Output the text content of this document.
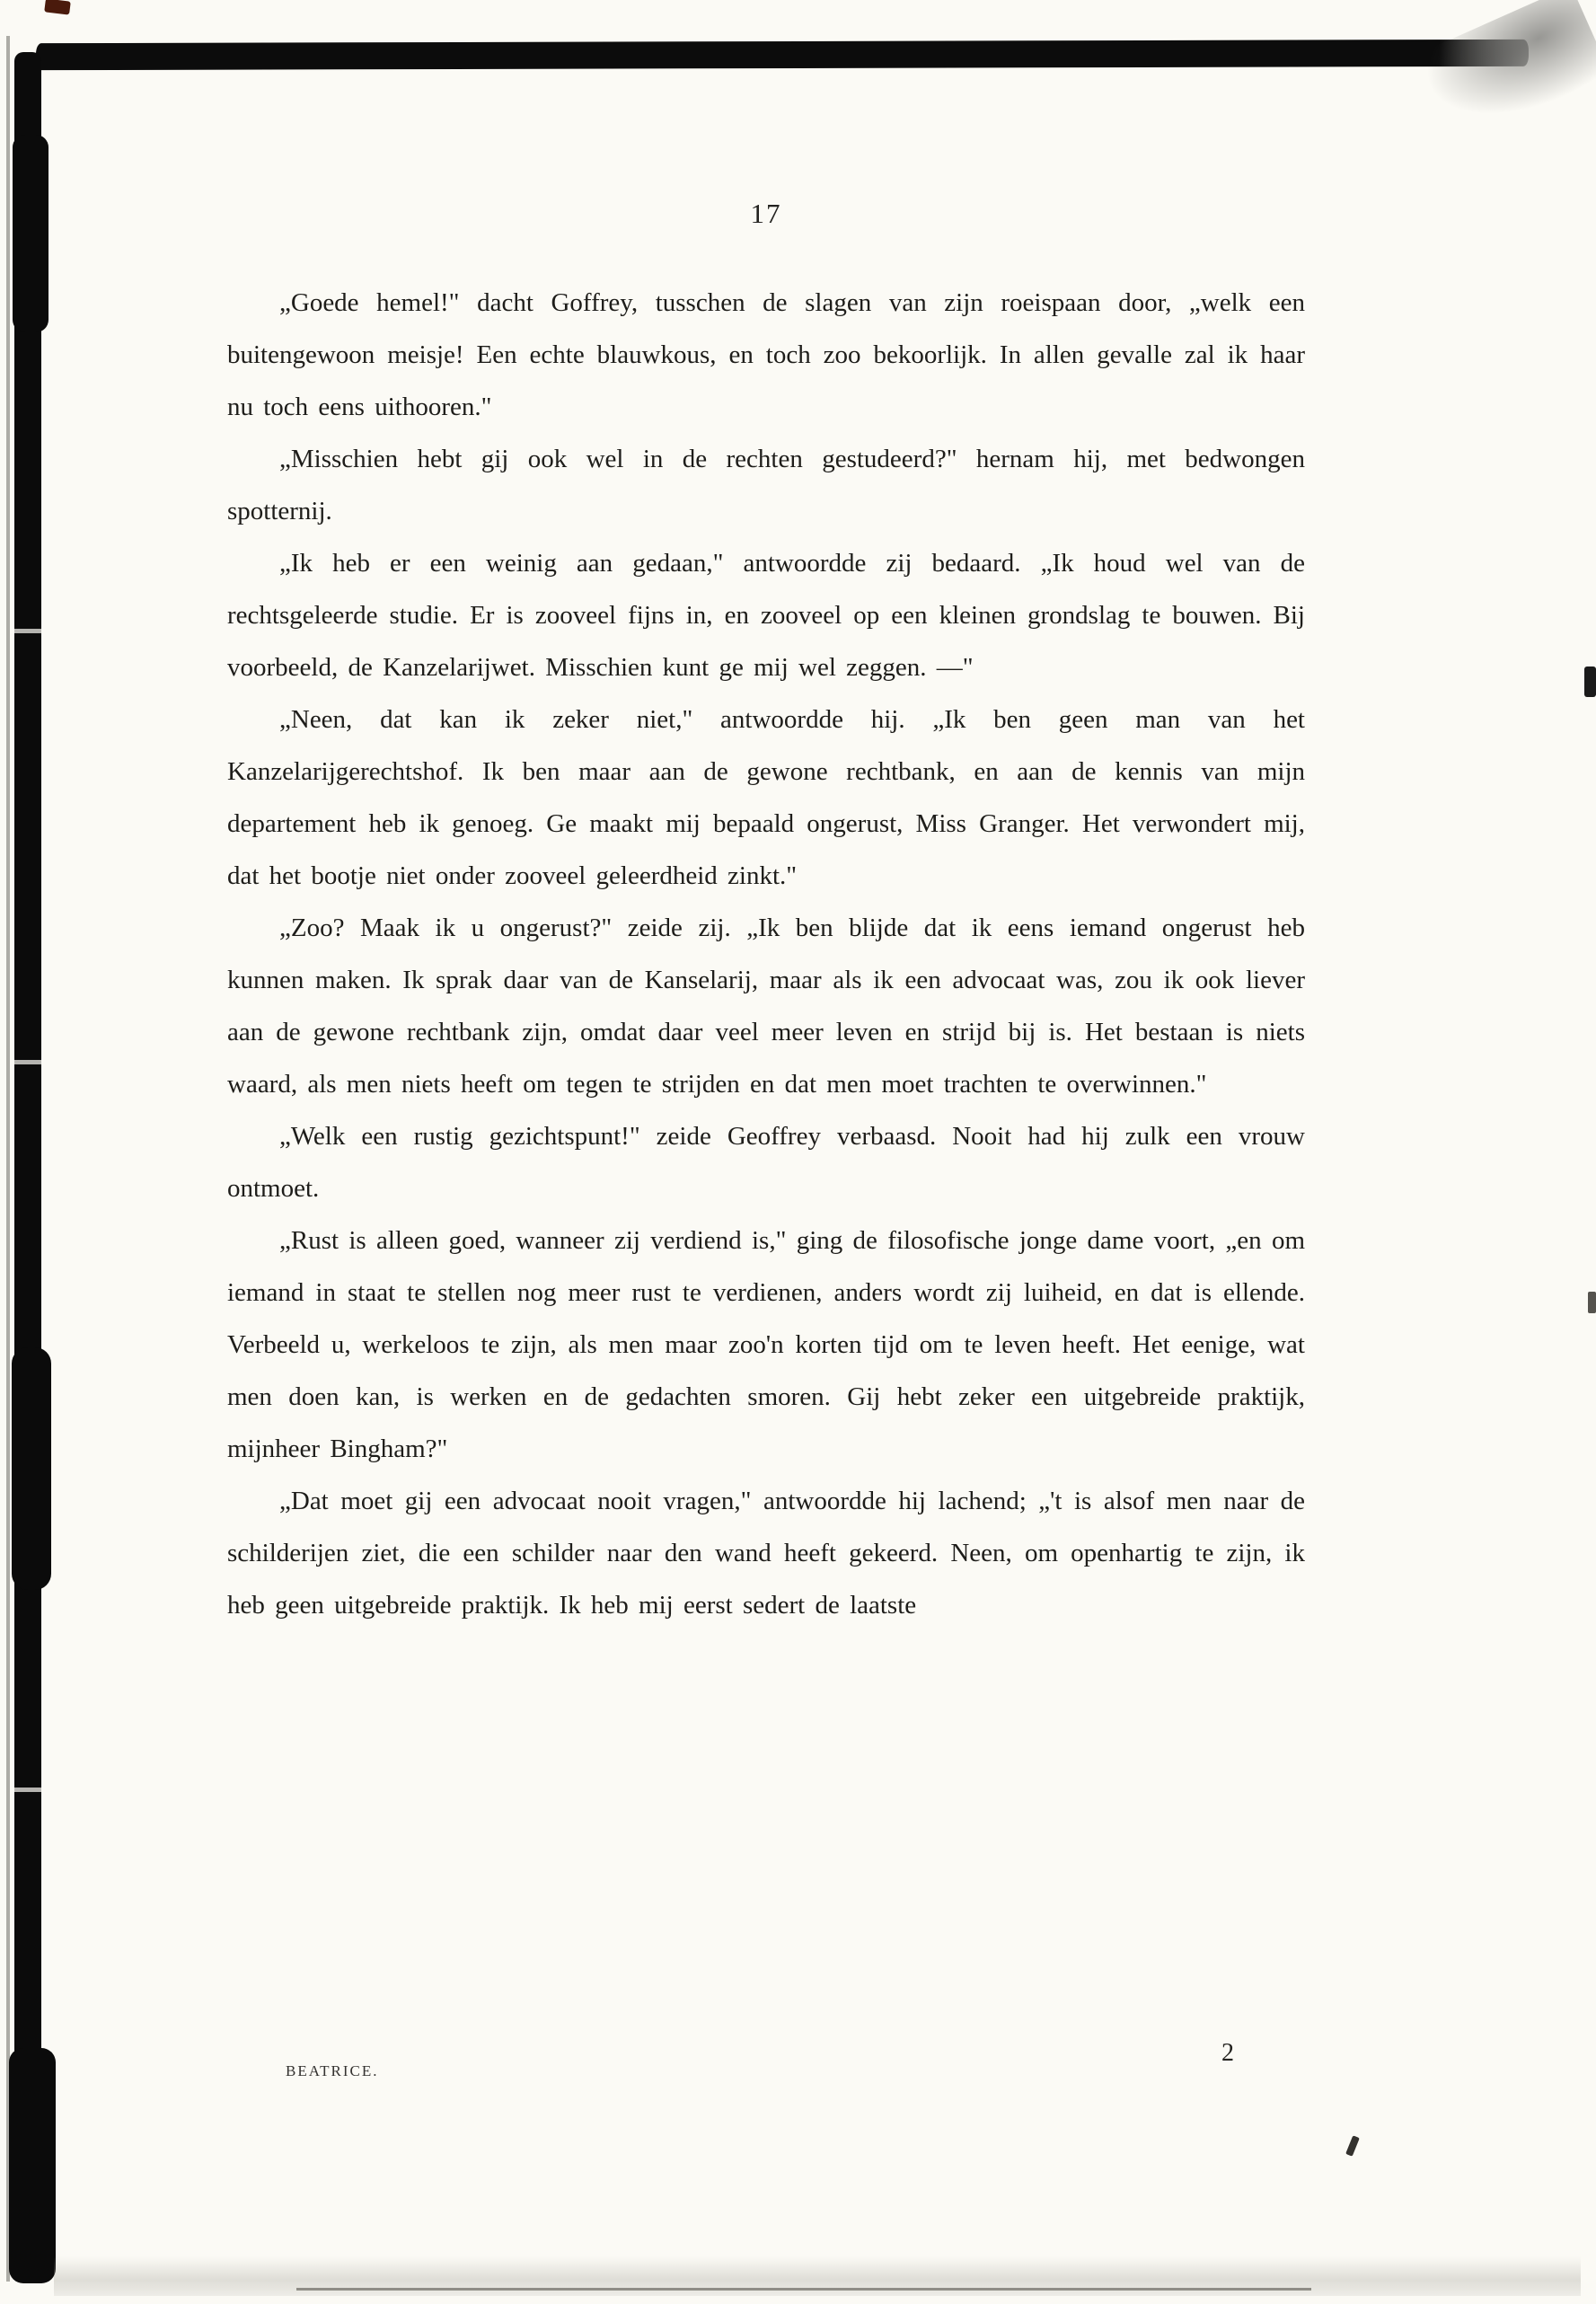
17

„Goede hemel!" dacht Goffrey, tusschen de slagen van zijn roeispaan door, „welk een buitengewoon meisje! Een echte blauwkous, en toch zoo bekoorlijk. In allen gevalle zal ik haar nu toch eens uithooren."

„Misschien hebt gij ook wel in de rechten gestudeerd?" hernam hij, met bedwongen spotternij.

„Ik heb er een weinig aan gedaan," antwoordde zij bedaard. „Ik houd wel van de rechtsgeleerde studie. Er is zooveel fijns in, en zooveel op een kleinen grondslag te bouwen. Bij voorbeeld, de Kanzelarijwet. Misschien kunt ge mij wel zeggen. —"

„Neen, dat kan ik zeker niet," antwoordde hij. „Ik ben geen man van het Kanzelarijgerechtshof. Ik ben maar aan de gewone rechtbank, en aan de kennis van mijn departement heb ik genoeg. Ge maakt mij bepaald ongerust, Miss Granger. Het verwondert mij, dat het bootje niet onder zooveel geleerdheid zinkt."

„Zoo? Maak ik u ongerust?" zeide zij. „Ik ben blijde dat ik eens iemand ongerust heb kunnen maken. Ik sprak daar van de Kanselarij, maar als ik een advocaat was, zou ik ook liever aan de gewone rechtbank zijn, omdat daar veel meer leven en strijd bij is. Het bestaan is niets waard, als men niets heeft om tegen te strijden en dat men moet trachten te overwinnen."

„Welk een rustig gezichtspunt!" zeide Geoffrey verbaasd. Nooit had hij zulk een vrouw ontmoet.

„Rust is alleen goed, wanneer zij verdiend is," ging de filosofische jonge dame voort, „en om iemand in staat te stellen nog meer rust te verdienen, anders wordt zij luiheid, en dat is ellende. Verbeeld u, werkeloos te zijn, als men maar zoo'n korten tijd om te leven heeft. Het eenige, wat men doen kan, is werken en de gedachten smoren. Gij hebt zeker een uitgebreide praktijk, mijnheer Bingham?"

„Dat moet gij een advocaat nooit vragen," antwoordde hij lachend; „'t is alsof men naar de schilderijen ziet, die een schilder naar den wand heeft gekeerd. Neen, om openhartig te zijn, ik heb geen uitgebreide praktijk. Ik heb mij eerst sedert de laatste

BEATRICE.
2
